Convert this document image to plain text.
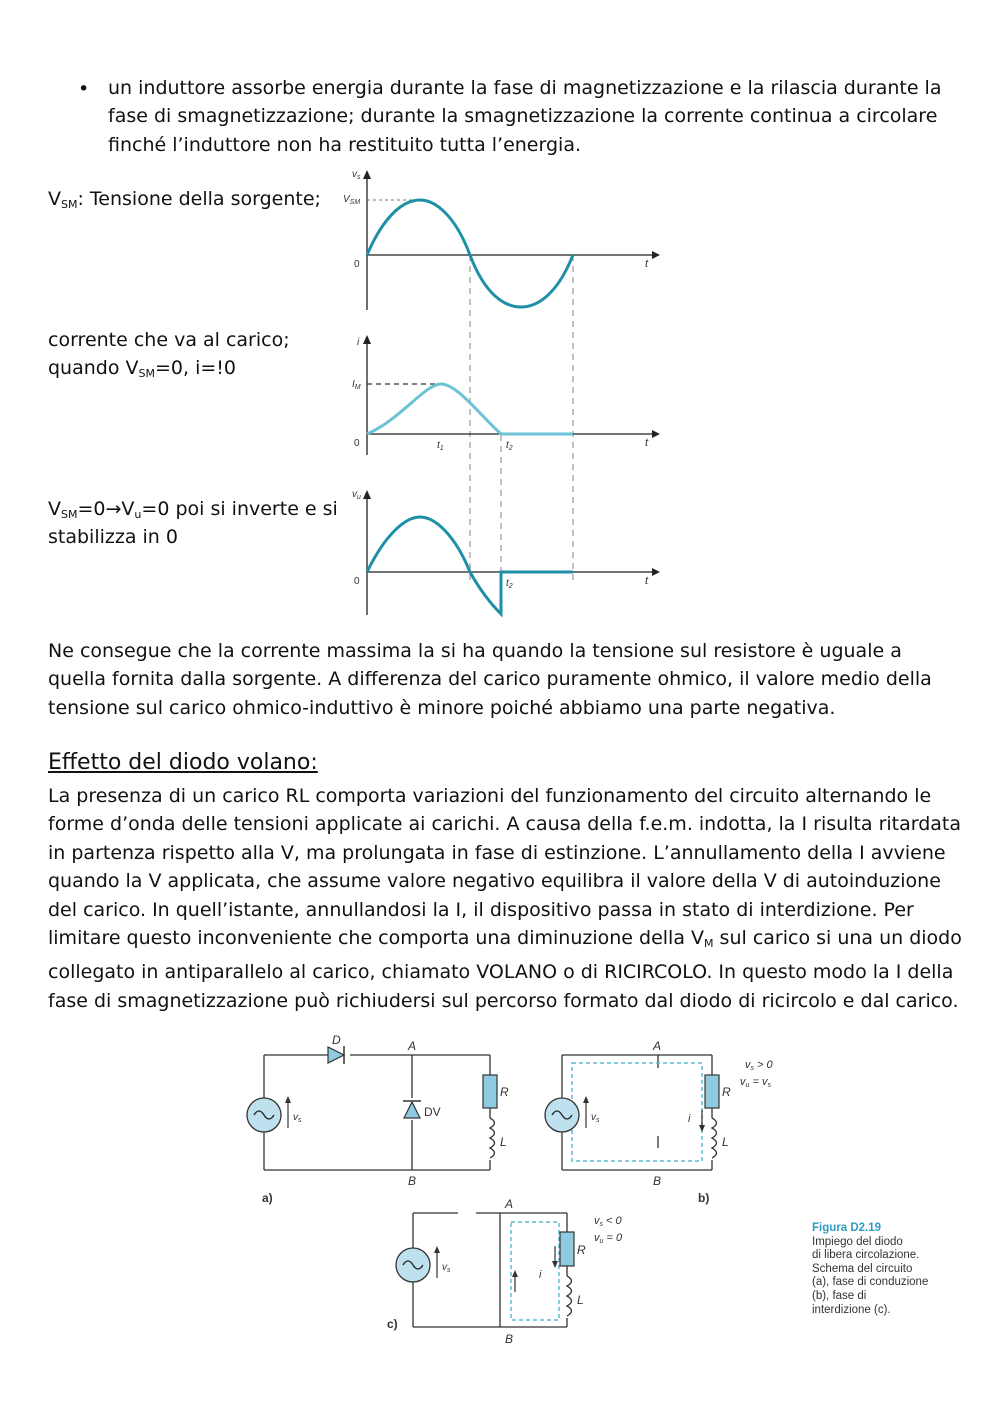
• un induttore assorbe energia durante la fase di magnetizzazione e la rilascia durante la fase di smagnetizzazione; durante la smagnetizzazione la corrente continua a circolare finché l’induttore non ha restituito tutta l’energia.
$V_{SM}$: Tensione della sorgente;
corrente che va al carico;
quando $V_{SM}=0$, i=!0
$V_{SM}=0\to V_u=0$ poi si inverte e si
stabilizza in 0
$v_s$
$V_{SM}$
0	t
i
$I_M$
0	$t_1$	$t_2$	t
$v_u$
0	$t_2$	t
Ne consegue che la corrente massima la si ha quando la tensione sul resistore è uguale a quella fornita dalla sorgente. A differenza del carico puramente ohmico, il valore medio della tensione sul carico ohmico-induttivo è minore poiché abbiamo una parte negativa.
Effetto del diodo volano:
La presenza di un carico RL comporta variazioni del funzionamento del circuito alternando le forme d’onda delle tensioni applicate ai carichi. A causa della f.e.m. indotta, la I risulta ritardata in partenza rispetto alla V, ma prolungata in fase di estinzione. L’annullamento della I avviene quando la V applicata, che assume valore negativo equilibra il valore della V di autoinduzione del carico. In quell’istante, annullandosi la I, il dispositivo passa in stato di interdizione. Per limitare questo inconveniente che comporta una diminuzione della $V_M$ sul carico si una un diodo collegato in antiparallelo al carico, chiamato VOLANO o di RICIRCOLO. In questo modo la I della fase di smagnetizzazione può richiudersi sul percorso formato dal diodo di ricircolo e dal carico.
D	A
B
DV
R
L
$v_s$
a)
A
B
R
L
i
$v_s$
vs > 0
vu = vs
b)
A
B
R
L
i
$v_s$
vs < 0
vu = 0
c)
Figura D2.19
Impiego del diodo
di libera circolazione.
Schema del circuito
(a), fase di conduzione
(b), fase di
interdizione (c).
